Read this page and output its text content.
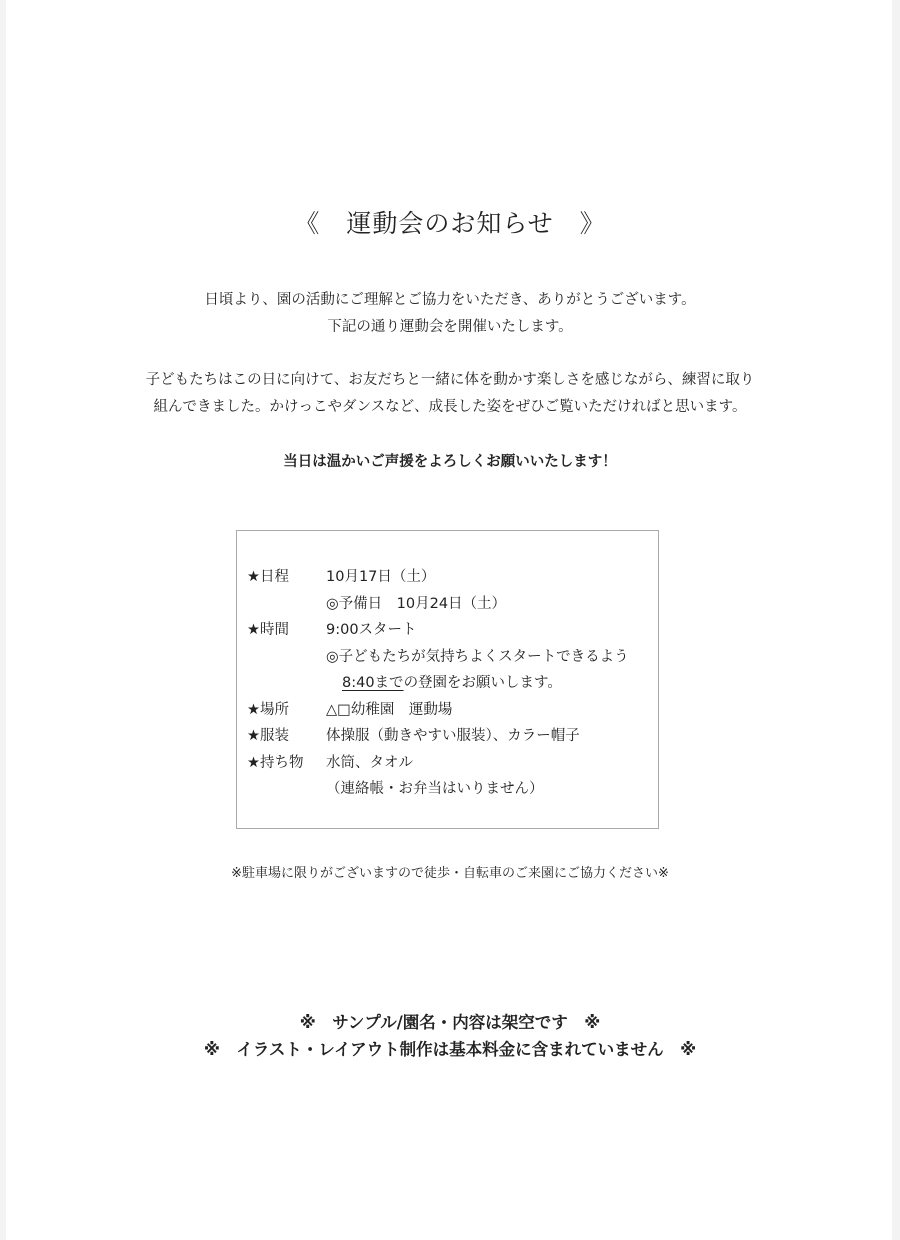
《　運動会のお知らせ　》
日頃より、園の活動にご理解とご協力をいただき、ありがとうございます。
下記の通り運動会を開催いたします。
子どもたちはこの日に向けて、お友だちと一緒に体を動かす楽しさを感じながら、練習に取り
組んできました。かけっこやダンスなど、成長した姿をぜひご覧いただければと思います。
当日は温かいご声援をよろしくお願いいたします！
★日程	10月17日（土）
◎予備日　10月24日（土）
★時間	9:00スタート
◎子どもたちが気持ちよくスタートできるよう
8:40までの登園をお願いします。
★場所	△□幼稚園　運動場
★服装	体操服（動きやすい服装）、カラー帽子
★持ち物 水筒、タオル
（連絡帳・お弁当はいりません）
※駐車場に限りがございますので徒歩・自転車のご来園にご協力ください※
※　サンプル/園名・内容は架空です　※
※　イラスト・レイアウト制作は基本料金に含まれていません　※
